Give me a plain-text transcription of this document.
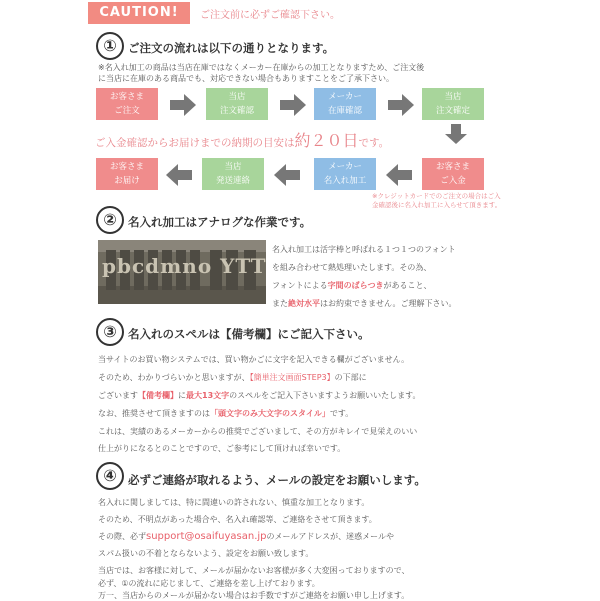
CAUTION!	ご注文前に必ずご確認下さい。
① ご注文の流れは以下の通りとなります。
※名入れ加工の商品は当店在庫ではなくメーカー在庫からの加工となりますため、ご注文後
に当店に在庫のある商品でも、対応できない場合もありますことをご了承下さい。
お客さま
ご注文
当店
注文確認
メーカー
在庫確認
当店
注文確定
ご入金確認からお届けまでの納期の目安は約２０日です。
お客さま
お届け
当店
発送連絡
メーカー
名入れ加工
お客さま
ご入金
※クレジットカードでのご注文の場合はご入金確認後に名入れ加工に入らせて頂きます。
② 名入れ加工はアナログな作業です。
pbcdmno YTT
名入れ加工は活字棒と呼ばれる１つ１つのフォント
を組み合わせて熱処理いたします。その為、
フォントによる字間のばらつきがあること、
また絶対水平はお約束できません。ご理解下さい。
③ 名入れのスペルは【備考欄】にご記入下さい。
当サイトのお買い物システムでは、買い物かごに文字を記入できる欄がございません。
そのため、わかりづらいかと思いますが、【簡単注文画面STEP3】の下部に
ございます【備考欄】に最大13文字のスペルをご記入下さいますようお願いいたします。
なお、推奨させて頂きますのは「頭文字のみ大文字のスタイル」です。
これは、実績のあるメーカーからの推奨でございまして、その方がキレイで見栄えのいい
仕上がりになるとのことですので、ご参考にして頂ければ幸いです。
④ 必ずご連絡が取れるよう、メールの設定をお願いします。
名入れに関しましては、特に間違いの許されない、慎重な加工となります。
そのため、不明点があった場合や、名入れ確認等、ご連絡をさせて頂きます。
その際、必ずsupport@osaifuyasan.jpのメールアドレスが、迷惑メールや
スパム扱いの不着とならないよう、設定をお願い致します。
当店では、お客様に対して、メールが届かないお客様が多く大変困っておりますので、
必ず、①の流れに応じまして、ご連絡を差し上げております。
万一、当店からのメールが届かない場合はお手数ですがご連絡をお願い申し上げます。
